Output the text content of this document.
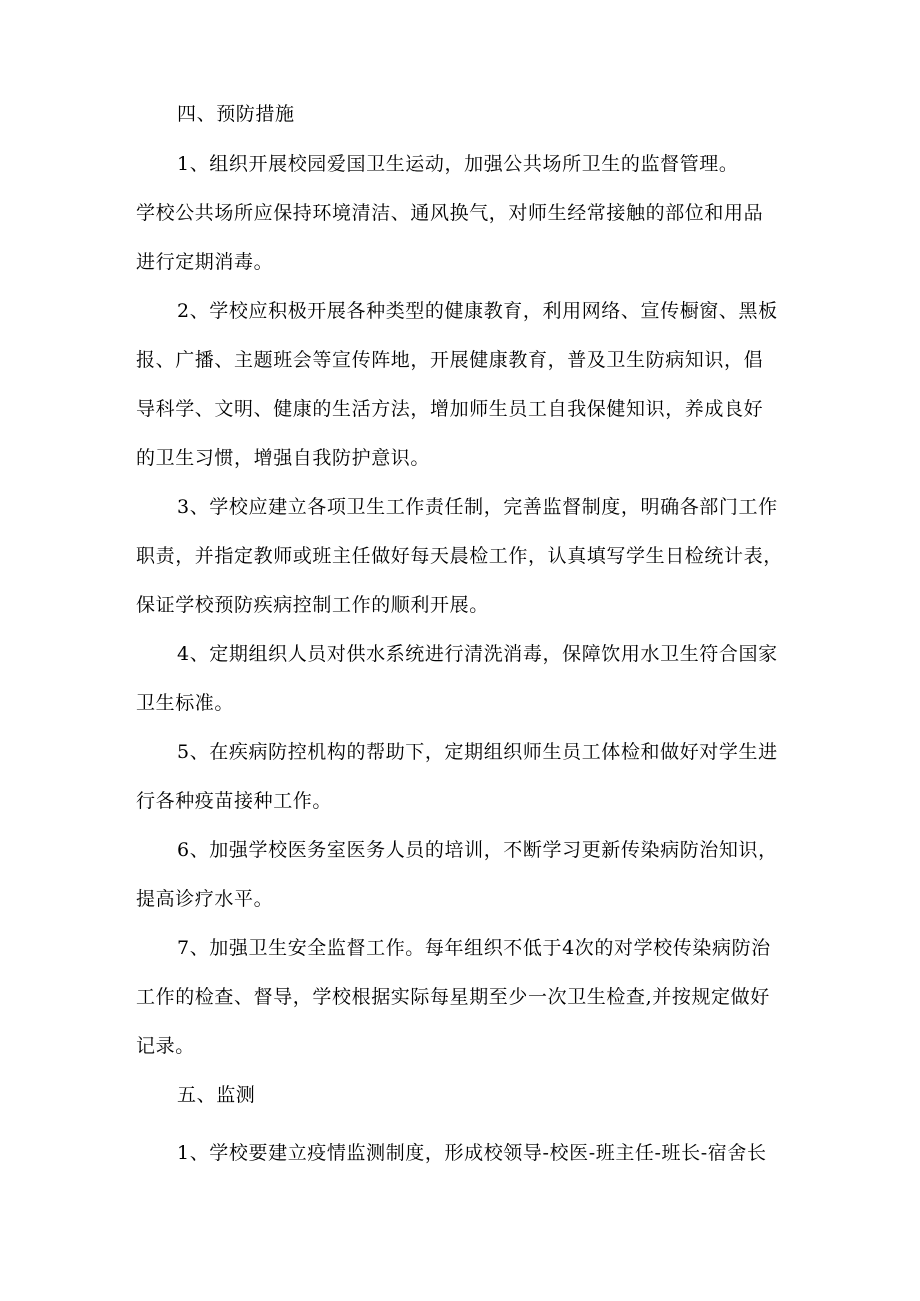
四、预防措施
1、组织开展校园爱国卫生运动，加强公共场所卫生的监督管理。
学校公共场所应保持环境清洁、通风换气，对师生经常接触的部位和用品
进行定期消毒。
2、学校应积极开展各种类型的健康教育，利用网络、宣传橱窗、黑板
报、广播、主题班会等宣传阵地，开展健康教育，普及卫生防病知识，倡
导科学、文明、健康的生活方法，增加师生员工自我保健知识，养成良好
的卫生习惯，增强自我防护意识。
3、学校应建立各项卫生工作责任制，完善监督制度，明确各部门工作
职责，并指定教师或班主任做好每天晨检工作，认真填写学生日检统计表，
保证学校预防疾病控制工作的顺利开展。
4、定期组织人员对供水系统进行清洗消毒，保障饮用水卫生符合国家
卫生标准。
5、在疾病防控机构的帮助下，定期组织师生员工体检和做好对学生进
行各种疫苗接种工作。
6、加强学校医务室医务人员的培训，不断学习更新传染病防治知识，
提高诊疗水平。
7、加强卫生安全监督工作。每年组织不低于4次的对学校传染病防治
工作的检查、督导，学校根据实际每星期至少一次卫生检查,并按规定做好
记录。
五、监测
1、学校要建立疫情监测制度，形成校领导-校医-班主任-班长-宿舍长
